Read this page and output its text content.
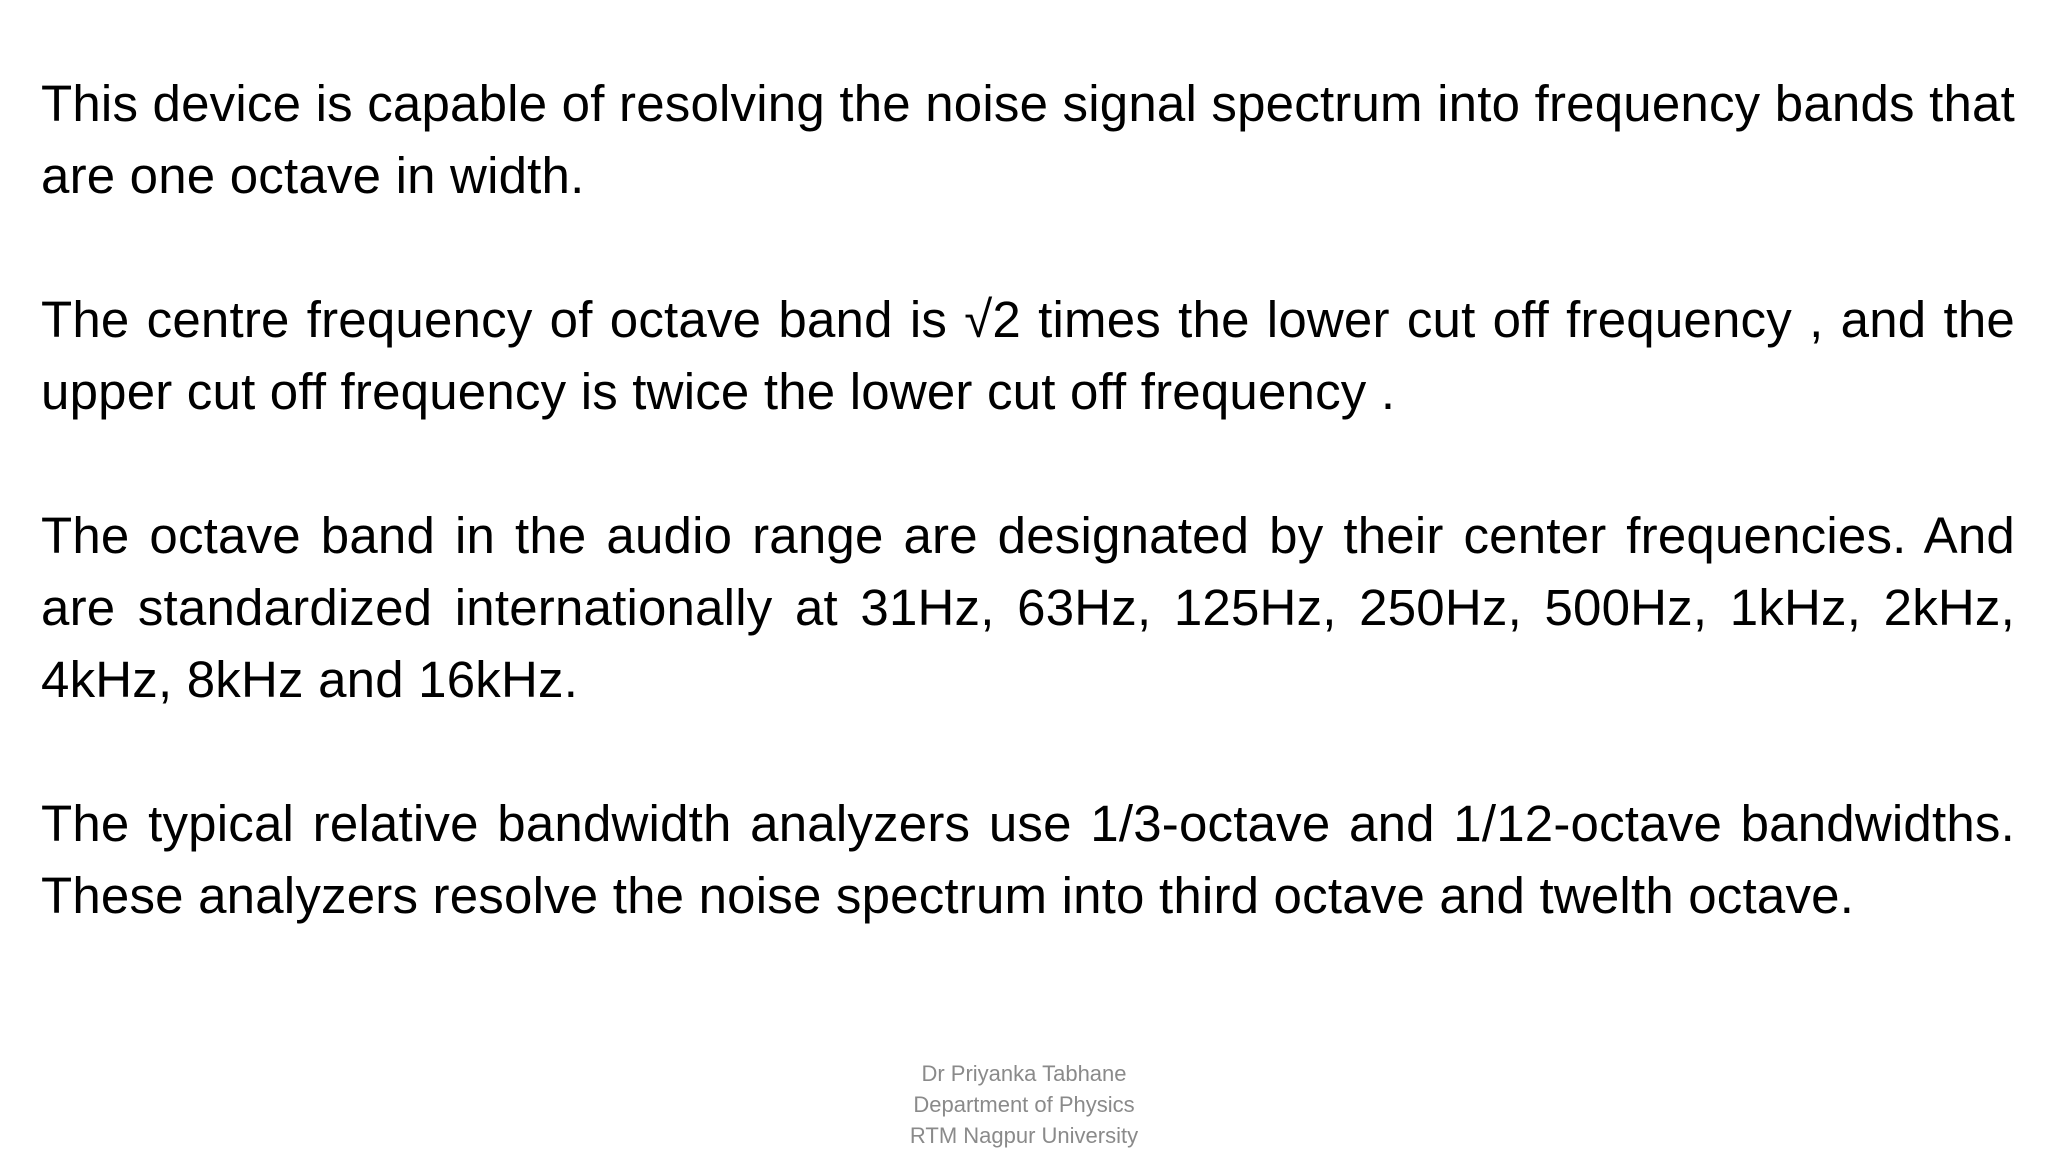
This device is capable of resolving the noise signal spectrum into frequency bands that are one octave in width.

The centre frequency of octave band is √2 times the lower cut off frequency , and the upper cut off frequency is twice the lower cut off frequency .

The octave band in the audio range are designated by their center frequencies. And are standardized internationally at 31Hz, 63Hz, 125Hz, 250Hz, 500Hz, 1kHz, 2kHz, 4kHz, 8kHz and 16kHz.

The typical relative bandwidth analyzers use 1/3-octave and 1/12-octave bandwidths. These analyzers resolve the noise spectrum into third octave and twelth octave.

Dr Priyanka Tabhane
Department of Physics
RTM Nagpur University
